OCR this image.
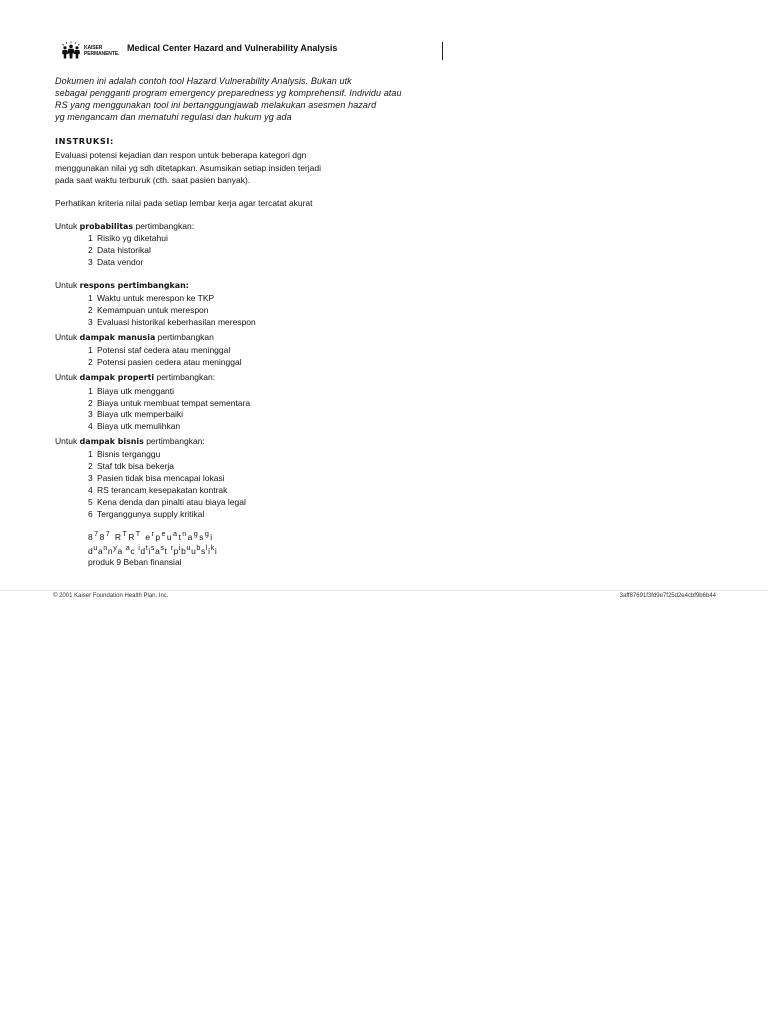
KAISER
PERMANENTE.
Medical Center Hazard and Vulnerability Analysis
Dokumen ini adalah contoh tool Hazard Vulnerability Analysis. Bukan utk
sebagai pengganti program emergency preparedness yg komprehensif. Individu atau
RS yang menggunakan tool ini bertanggungjawab melakukan asesmen hazard
yg mengancam dan mematuhi regulasi dan hukum yg ada
INSTRUKSI:
Evaluasi potensi kejadian dan respon untuk beberapa kategori dgn
menggunakan nilai yg sdh ditetapkan. Asumsikan setiap insiden terjadi
pada saat waktu terburuk (cth. saat pasien banyak).
Perhatikan kriteria nilai pada setiap lembar kerja agar tercatat akurat
Untuk probabilitas pertimbangkan:
1 Risiko yg diketahui
2 Data historikal
3 Data vendor
Untuk respons pertimbangkan:
1 Waktu untuk merespon ke TKP
2 Kemampuan untuk merespon
3 Evaluasi historikal keberhasilan merespon
Untuk dampak manusia pertimbangkan
1 Potensi staf cedera atau meninggal
2 Potensi pasien cedera atau meninggal
Untuk dampak properti pertimbangkan:
1 Biaya utk mengganti
2 Biaya untuk membuat tempat sementara
3 Biaya utk memperbaiki
4 Biaya utk memulihkan
Untuk dampak bisnis pertimbangkan:
1 Bisnis terganggu
2 Staf tdk bisa bekerja
3 Pasien tidak bisa mencapai lokasi
4 RS terancam kesepakatan kontrak
5 Kena denda dan pinalti atau biaya legal
6 Terganggunya supply kritikal
$8^78^7$ $R^TR^T$ $e^rp^eu^at^na^gs^gi$
$d^ua^nn^ya$ $^a$c $^id^ti^sa^st$ $^rp^ib^uu^bs^li^ki$
produk 9 Beban finansial
© 2001 Kaiser Foundation Health Plan, Inc.	3aff87691f3fd9e7f25d2e4cbf9b6b44
